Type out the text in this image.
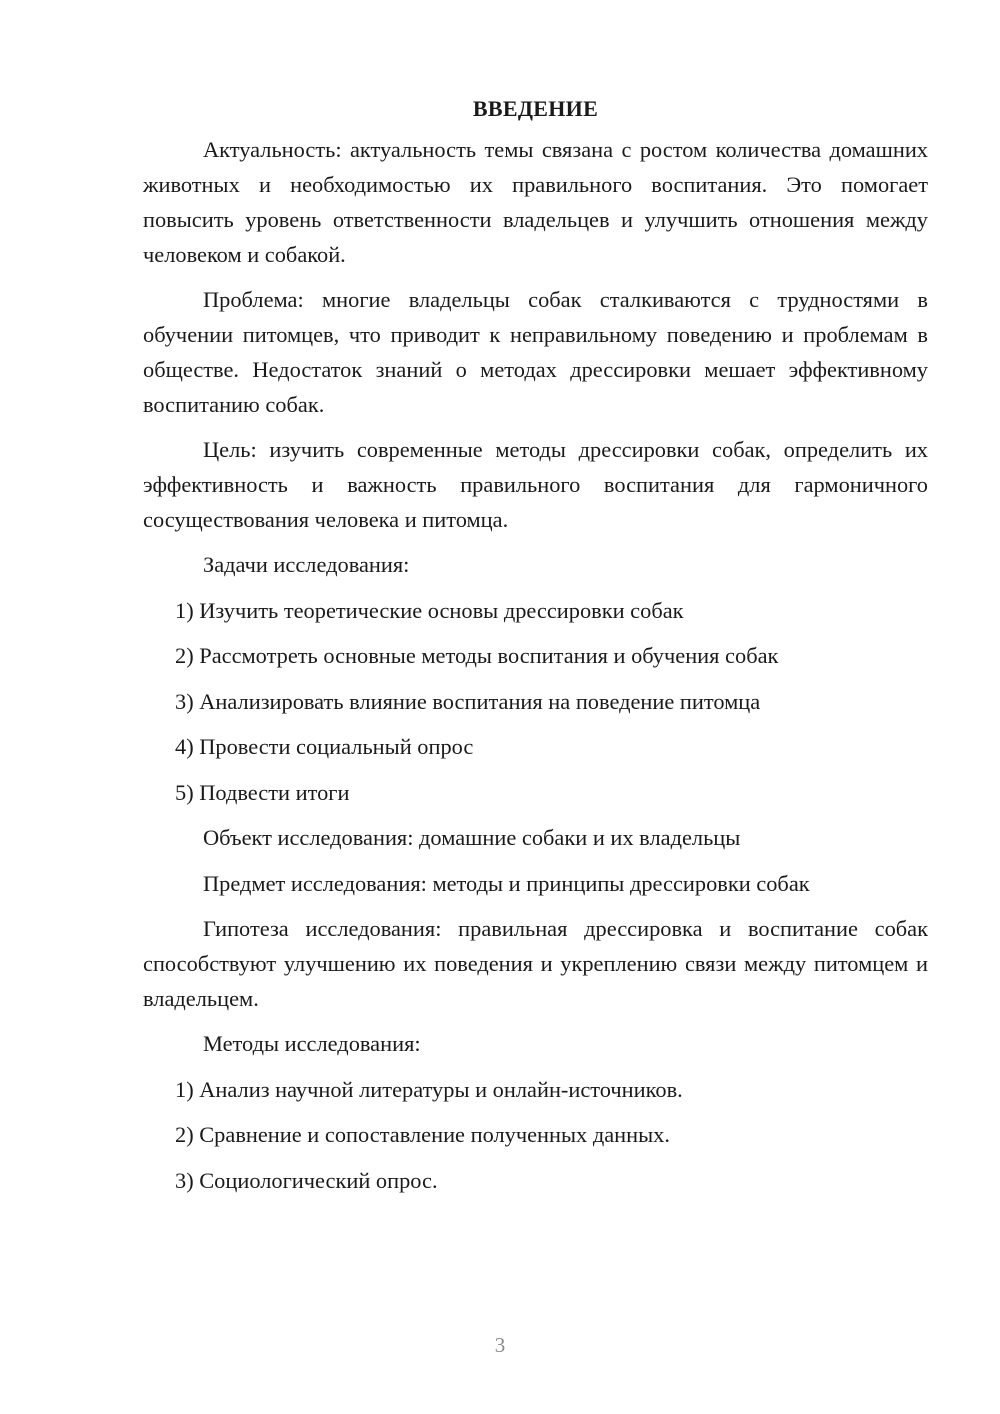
ВВЕДЕНИЕ

Актуальность: актуальность темы связана с ростом количества домашних животных и необходимостью их правильного воспитания. Это помогает повысить уровень ответственности владельцев и улучшить отношения между человеком и собакой.

Проблема: многие владельцы собак сталкиваются с трудностями в обучении питомцев, что приводит к неправильному поведению и проблемам в обществе. Недостаток знаний о методах дрессировки мешает эффективному воспитанию собак.

Цель: изучить современные методы дрессировки собак, определить их эффективность и важность правильного воспитания для гармоничного сосуществования человека и питомца.

Задачи исследования:
1) Изучить теоретические основы дрессировки собак
2) Рассмотреть основные методы воспитания и обучения собак
3) Анализировать влияние воспитания на поведение питомца
4) Провести социальный опрос
5) Подвести итоги
Объект исследования: домашние собаки и их владельцы
Предмет исследования: методы и принципы дрессировки собак

Гипотеза исследования: правильная дрессировка и воспитание собак способствуют улучшению их поведения и укреплению связи между питомцем и владельцем.

Методы исследования:
1) Анализ научной литературы и онлайн-источников.
2) Сравнение и сопоставление полученных данных.
3) Социологический опрос.
3
